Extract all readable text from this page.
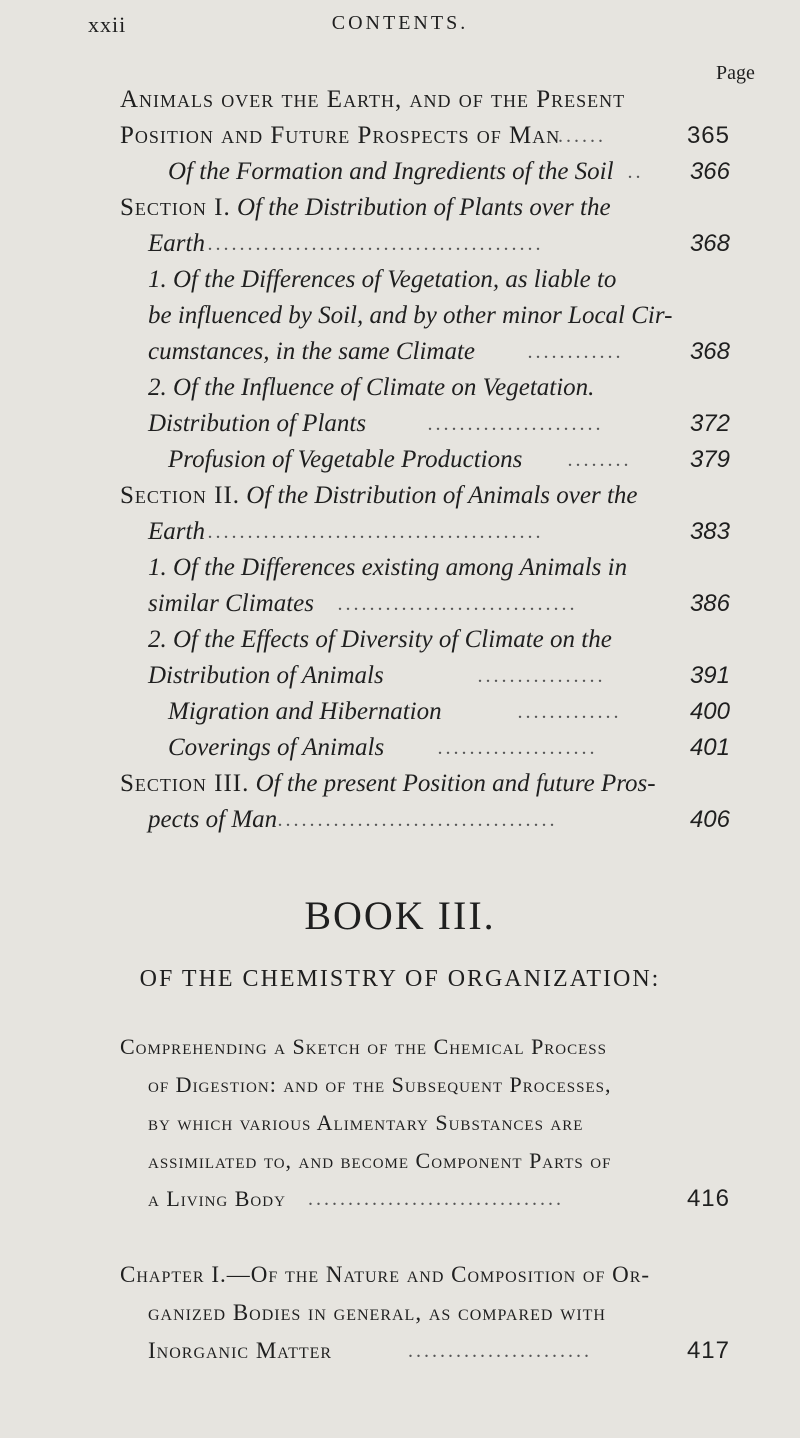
xxii	CONTENTS.
Page
Animals over the Earth, and of the Present
Position and Future Prospects of Man
......	365
Of the Formation and Ingredients of the Soil ..	366
Section I. Of the Distribution of Plants over the
Earth ..........................................	368
1. Of the Differences of Vegetation, as liable to
be influenced by Soil, and by other minor Local Cir-
cumstances, in the same Climate	............	368
2. Of the Influence of Climate on Vegetation.
Distribution of Plants	......................	372
Profusion of Vegetable Productions ........	379
Section II. Of the Distribution of Animals over the
Earth ..........................................	383
1. Of the Differences existing among Animals in
similar Climates ..............................	386
2. Of the Effects of Diversity of Climate on the
Distribution of Animals	................	391
Migration and Hibernation	.............	400
Coverings of Animals	....................	401
Section III. Of the present Position and future Pros-
pects of Man ...................................	406
BOOK III.
OF THE CHEMISTRY OF ORGANIZATION:
Comprehending a Sketch of the Chemical Process
of Digestion: and of the Subsequent Processes,
by which various Alimentary Substances are
assimilated to, and become Component Parts of
a Living Body ................................	416
Chapter I.—Of the Nature and Composition of Or-
ganized Bodies in general, as compared with
Inorganic Matter	.......................	417
